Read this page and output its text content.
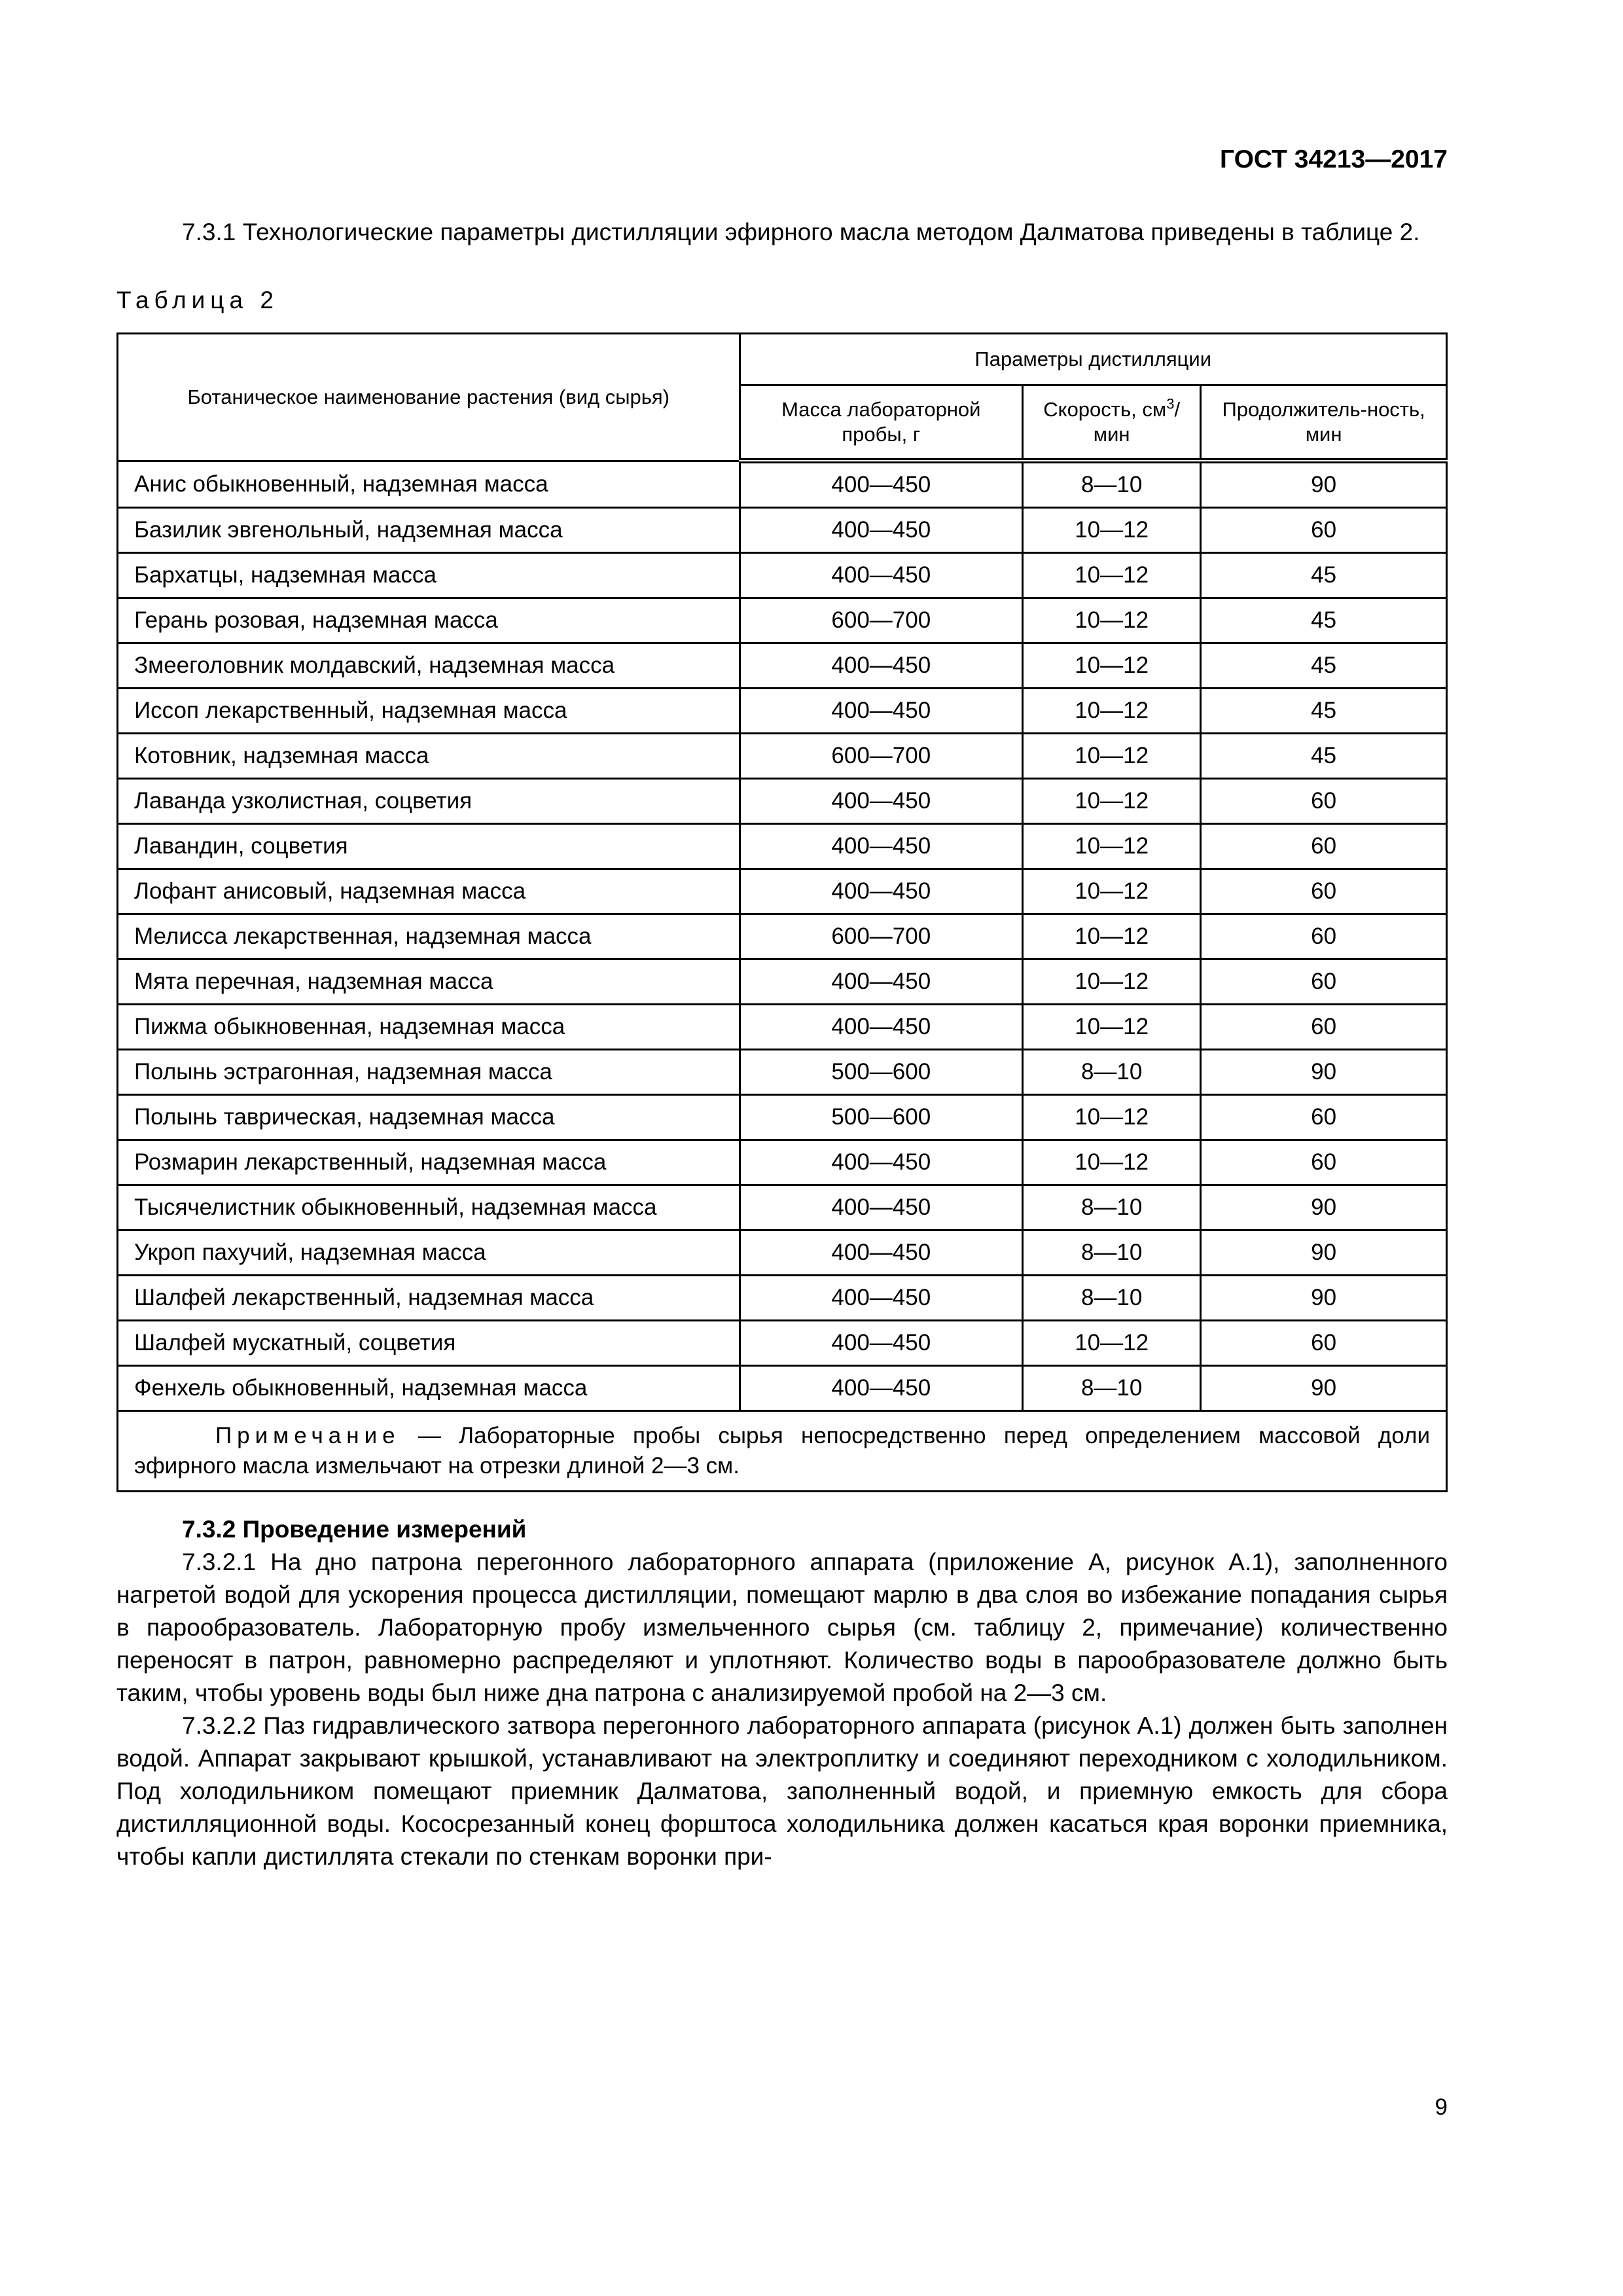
ГОСТ 34213—2017

7.3.1 Технологические параметры дистилляции эфирного масла методом Далматова приведены в таблице 2.

Таблица 2
Ботаническое наименование растения (вид сырья)	Параметры дистилляции		
	Масса лабораторной пробы, г	Скорость, $см^3$/мин	Продолжитель-ность, мин
Анис обыкновенный, надземная масса	400—450	8—10	90
Базилик эвгенольный, надземная масса	400—450	10—12	60
Бархатцы, надземная масса	400—450	10—12	45
Герань розовая, надземная масса	600—700	10—12	45
Змееголовник молдавский, надземная масса	400—450	10—12	45
Иссоп лекарственный, надземная масса	400—450	10—12	45
Котовник, надземная масса	600—700	10—12	45
Лаванда узколистная, соцветия	400—450	10—12	60
Лавандин, соцветия	400—450	10—12	60
Лофант анисовый, надземная масса	400—450	10—12	60
Мелисса лекарственная, надземная масса	600—700	10—12	60
Мята перечная, надземная масса	400—450	10—12	60
Пижма обыкновенная, надземная масса	400—450	10—12	60
Полынь эстрагонная, надземная масса	500—600	8—10	90
Полынь таврическая, надземная масса	500—600	10—12	60
Розмарин лекарственный, надземная масса	400—450	10—12	60
Тысячелистник обыкновенный, надземная масса	400—450	8—10	90
Укроп пахучий, надземная масса	400—450	8—10	90
Шалфей лекарственный, надземная масса	400—450	8—10	90
Шалфей мускатный, соцветия	400—450	10—12	60
Фенхель обыкновенный, надземная масса	400—450	8—10	90
Примечание — Лабораторные пробы сырья непосредственно перед определением массовой доли эфирного масла измельчают на отрезки длиной 2—3 см.			

7.3.2 Проведение измерений

7.3.2.1 На дно патрона перегонного лабораторного аппарата (приложение А, рисунок А.1), заполненного нагретой водой для ускорения процесса дистилляции, помещают марлю в два слоя во избежание попадания сырья в парообразователь. Лабораторную пробу измельченного сырья (см. таблицу 2, примечание) количественно переносят в патрон, равномерно распределяют и уплотняют. Количество воды в парообразователе должно быть таким, чтобы уровень воды был ниже дна патрона с анализируемой пробой на 2—3 см.

7.3.2.2 Паз гидравлического затвора перегонного лабораторного аппарата (рисунок А.1) должен быть заполнен водой. Аппарат закрывают крышкой, устанавливают на электроплитку и соединяют переходником с холодильником. Под холодильником помещают приемник Далматова, заполненный водой, и приемную емкость для сбора дистилляционной воды. Кососрезанный конец форштоса холодильника должен касаться края воронки приемника, чтобы капли дистиллята стекали по стенкам воронки при-

9
